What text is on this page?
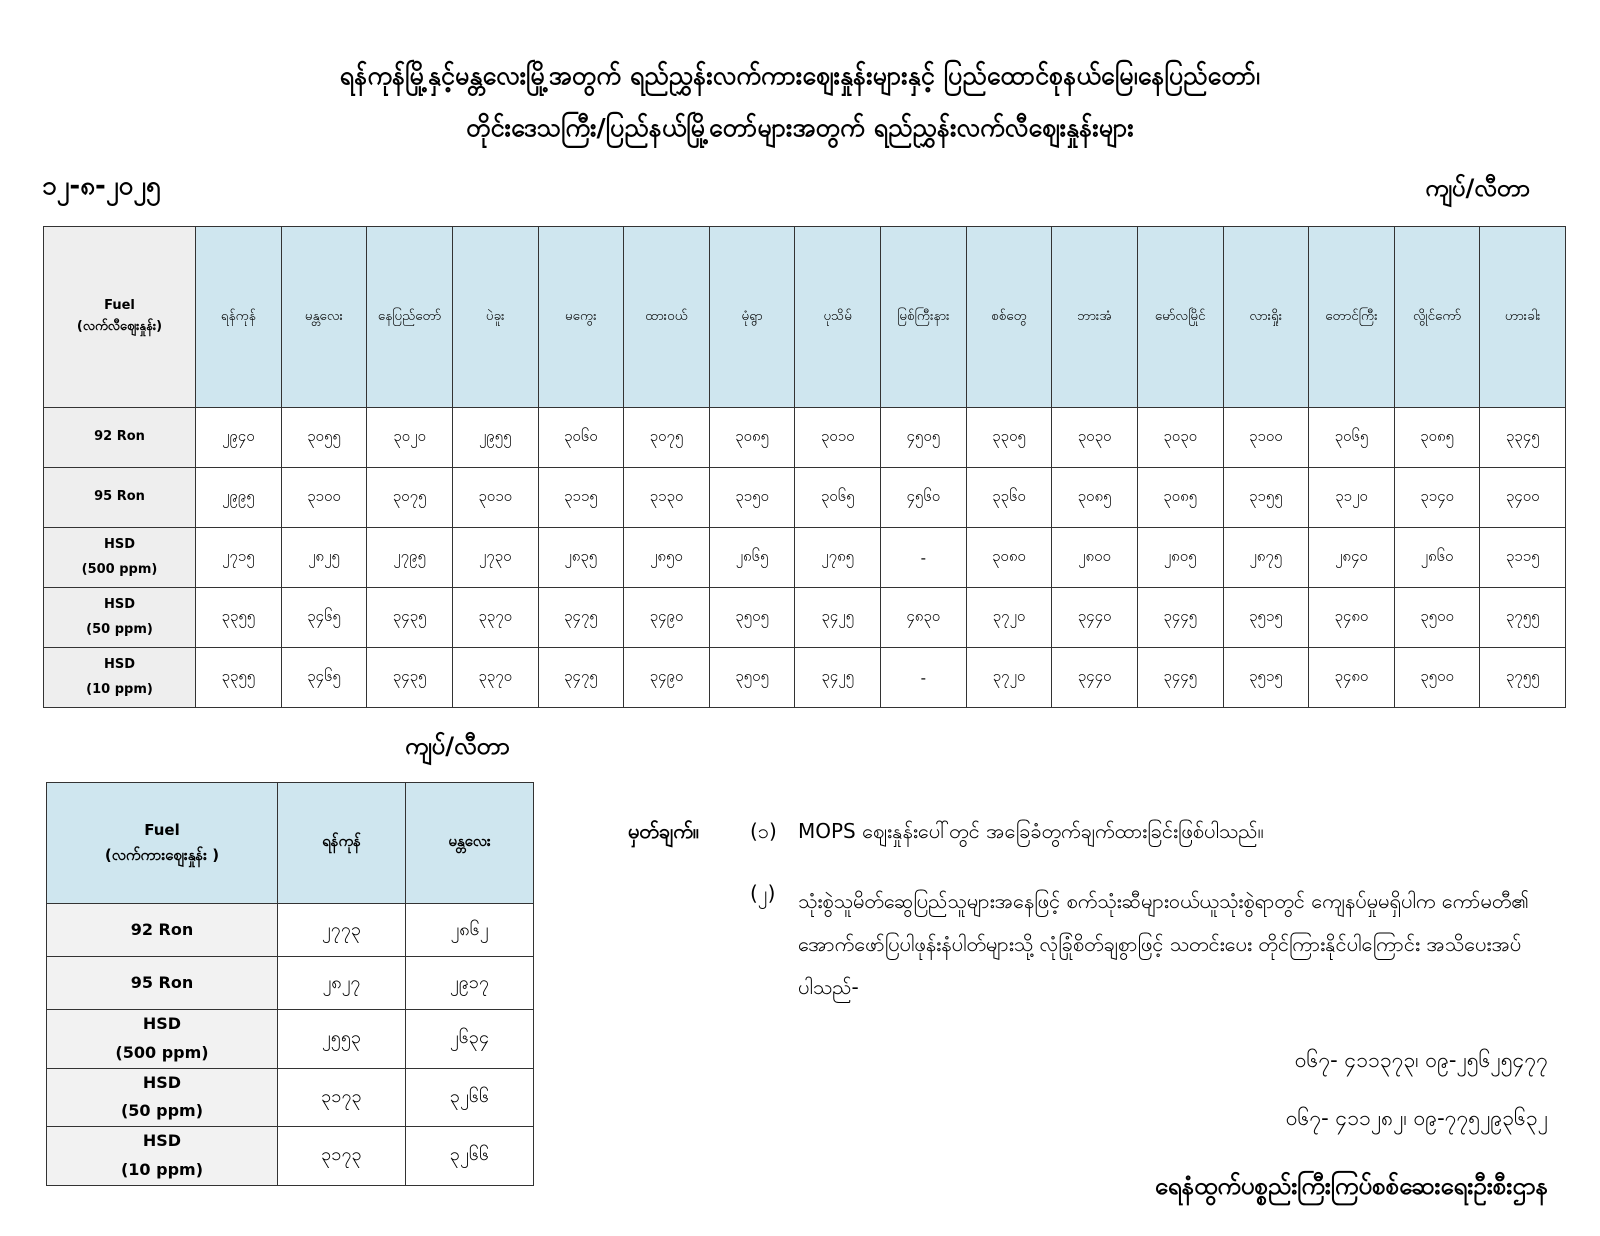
ရန်ကုန်မြို့နှင့်မန္တလေးမြို့အတွက် ရည်ညွှန်းလက်ကားဈေးနှုန်းများနှင့် ပြည်ထောင်စုနယ်မြေ၊နေပြည်တော်၊
တိုင်းဒေသကြီး/ပြည်နယ်မြို့တော်များအတွက် ရည်ညွှန်းလက်လီဈေးနှုန်းများ
၁၂-၈-၂၀၂၅	ကျပ်/လီတာ
Fuel
(လက်လီဈေးနှုန်း)	ရန်ကုန်	မန္တလေး	နေပြည်တော်	ပဲခူး	မကွေး	ထားဝယ်	မုံရွာ	ပုသိမ်	မြစ်ကြီးနား	စစ်တွေ	ဘားအံ	မော်လမြိုင်	လားရှိုး	တောင်ကြီး	လွိုင်ကော်	ဟားခါး

92 Ron	၂၉၄၀	၃၀၅၅	၃၀၂၀	၂၉၅၅	၃၀၆၀	၃၀၇၅	၃၀၈၅	၃၀၁၀	၄၅၀၅	၃၃၀၅	၃၀၃၀	၃၀၃၀	၃၁၀၀	၃၀၆၅	၃၀၈၅	၃၃၄၅

95 Ron	၂၉၉၅	၃၁၀၀	၃၀၇၅	၃၀၁၀	၃၁၁၅	၃၁၃၀	၃၁၅၀	၃၀၆၅	၄၅၆၀	၃၃၆၀	၃၀၈၅	၃၀၈၅	၃၁၅၅	၃၁၂၀	၃၁၄၀	၃၄၀၀

HSD
(500 ppm)	၂၇၁၅	၂၈၂၅	၂၇၉၅	၂၇၃၀	၂၈၃၅	၂၈၅၀	၂၈၆၅	၂၇၈၅	-	၃၀၈၀	၂၈၀၀	၂၈၀၅	၂၈၇၅	၂၈၄၀	၂၈၆၀	၃၁၁၅

HSD
(50 ppm)	၃၃၅၅	၃၄၆၅	၃၄၃၅	၃၃၇၀	၃၄၇၅	၃၄၉၀	၃၅၀၅	၃၄၂၅	၄၈၃၀	၃၇၂၀	၃၄၄၀	၃၄၄၅	၃၅၁၅	၃၄၈၀	၃၅၀၀	၃၇၅၅

HSD
(10 ppm)	၃၃၅၅	၃၄၆၅	၃၄၃၅	၃၃၇၀	၃၄၇၅	၃၄၉၀	၃၅၀၅	၃၄၂၅	-	၃၇၂၀	၃၄၄၀	၃၄၄၅	၃၅၁၅	၃၄၈၀	၃၅၀၀	၃၇၅၅
ကျပ်/လီတာ
Fuel
(လက်ကားဈေးနှုန်း )	ရန်ကုန်	မန္တလေး

92 Ron	၂၇၇၃	၂၈၆၂

95 Ron	၂၈၂၇	၂၉၁၇

HSD
(500 ppm)	၂၅၅၃	၂၆၃၄

HSD
(50 ppm)	၃၁၇၃	၃၂၆၆

HSD
(10 ppm)	၃၁၇၃	၃၂၆၆
မှတ်ချက်။	(၁) MOPS ဈေးနှုန်းပေါ်တွင် အခြေခံတွက်ချက်ထားခြင်းဖြစ်ပါသည်။
(၂) သုံးစွဲသူမိတ်ဆွေပြည်သူများအနေဖြင့် စက်သုံးဆီများဝယ်ယူသုံးစွဲရာတွင် ကျေနပ်မှုမရှိပါက ကော်မတီ၏ အောက်ဖော်ပြပါဖုန်းနံပါတ်များသို့ လုံခြုံစိတ်ချစွာဖြင့် သတင်းပေး တိုင်ကြားနိုင်ပါကြောင်း အသိပေးအပ်ပါသည်-
၀၆၇- ၄၁၁၃၇၃၊ ၀၉-၂၅၆၂၅၄၇၇
၀၆၇- ၄၁၁၂၈၂၊ ၀၉-၇၇၅၂၉၃၆၃၂
ရေနံထွက်ပစ္စည်းကြီးကြပ်စစ်ဆေးရေးဦးစီးဌာန
